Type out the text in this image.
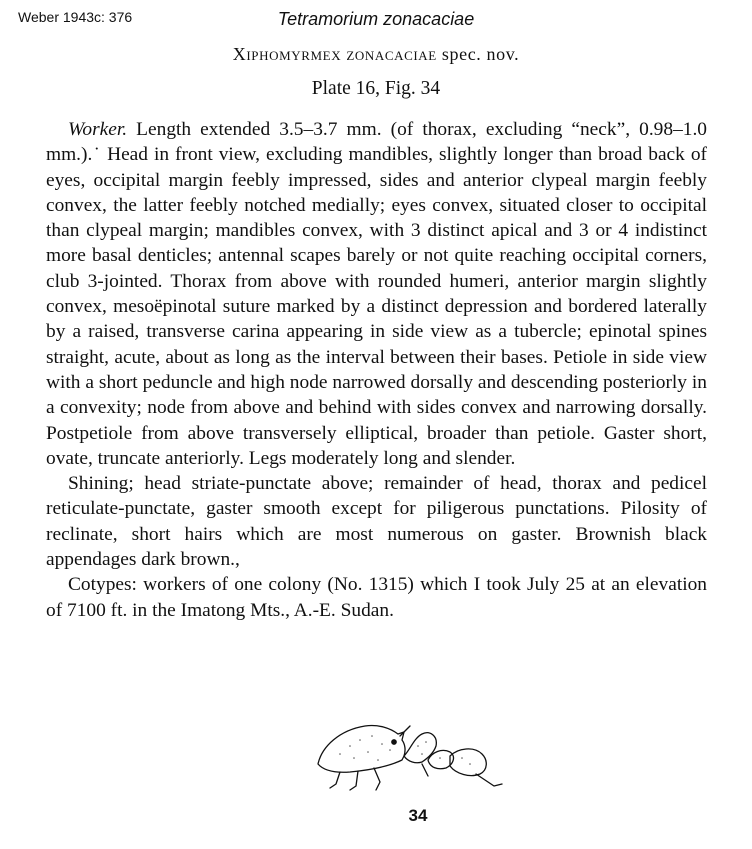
Weber 1943c: 376	Tetramorium zonacaciae
Xiphomyrmex zonacaciae spec. nov.
Plate 16, Fig. 34

Worker. Length extended 3.5–3.7 mm. (of thorax, excluding “neck”, 0.98–1.0 mm.).˙ Head in front view, excluding mandibles, slightly longer than broad back of eyes, occipital margin feebly impressed, sides and anterior clypeal margin feebly convex, the latter feebly notched medially; eyes convex, situated closer to occipital than clypeal margin; mandibles convex, with 3 distinct apical and 3 or 4 indistinct more basal denticles; antennal scapes barely or not quite reaching occipital corners, club 3-jointed. Thorax from above with rounded humeri, anterior margin slightly convex, mesoëpinotal suture marked by a distinct depression and bordered laterally by a raised, transverse carina appearing in side view as a tubercle; epinotal spines straight, acute, about as long as the interval between their bases. Petiole in side view with a short peduncle and high node narrowed dorsally and descending posteriorly in a convexity; node from above and behind with sides convex and narrowing dorsally. Postpetiole from above transversely elliptical, broader than petiole. Gaster short, ovate, truncate anteriorly. Legs moderately long and slender.

Shining; head striate-punctate above; remainder of head, thorax and pedicel reticulate-punctate, gaster smooth except for piligerous punctations. Pilosity of reclinate, short hairs which are most numerous on gaster. Brownish black appendages dark brown.,

Cotypes: workers of one colony (No. 1315) which I took July 25 at an elevation of 7100 ft. in the Imatong Mts., A.-E. Sudan.

34
